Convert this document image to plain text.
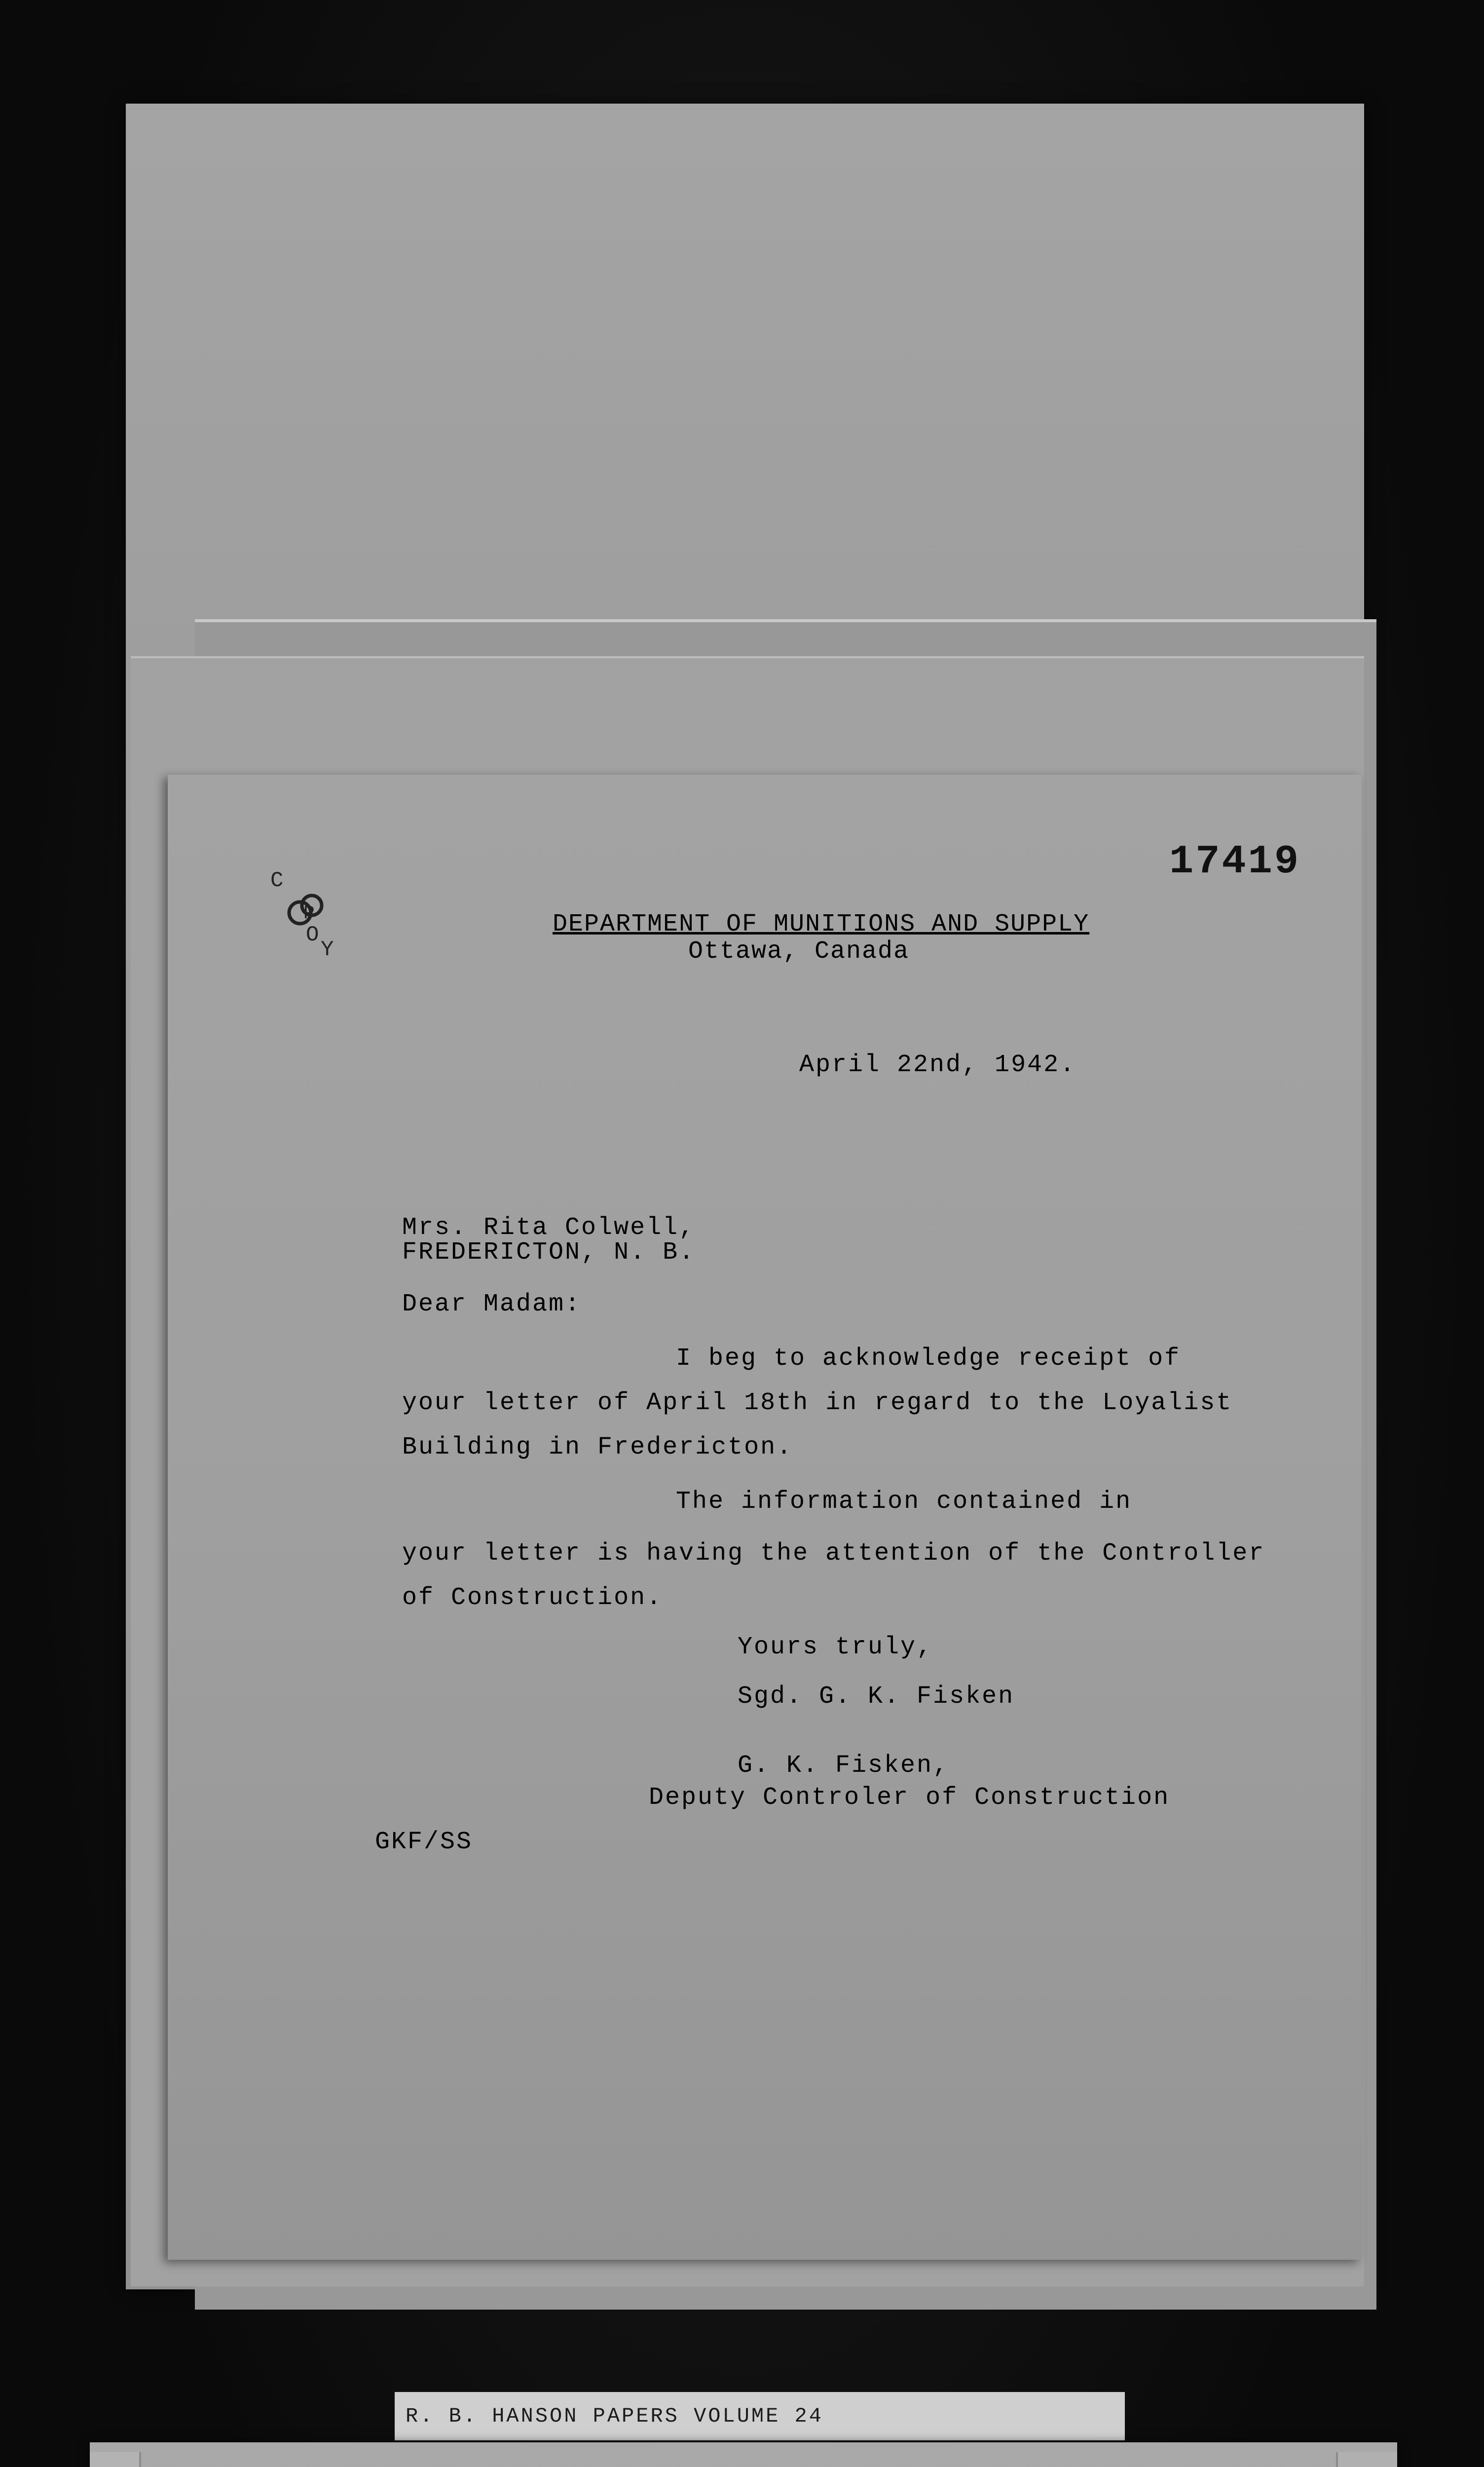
17419
C
O
P
Y
DEPARTMENT OF MUNITIONS AND SUPPLY
Ottawa, Canada
April 22nd, 1942.
Mrs. Rita Colwell,
FREDERICTON, N. B.
Dear Madam:
I beg to acknowledge receipt of
your letter of April 18th in regard to the Loyalist
Building in Fredericton.
The information contained in
your letter is having the attention of the Controller
of Construction.
Yours truly,
Sgd. G. K. Fisken
G. K. Fisken,
Deputy Controler of Construction
GKF/SS
R. B. HANSON PAPERS VOLUME 24
